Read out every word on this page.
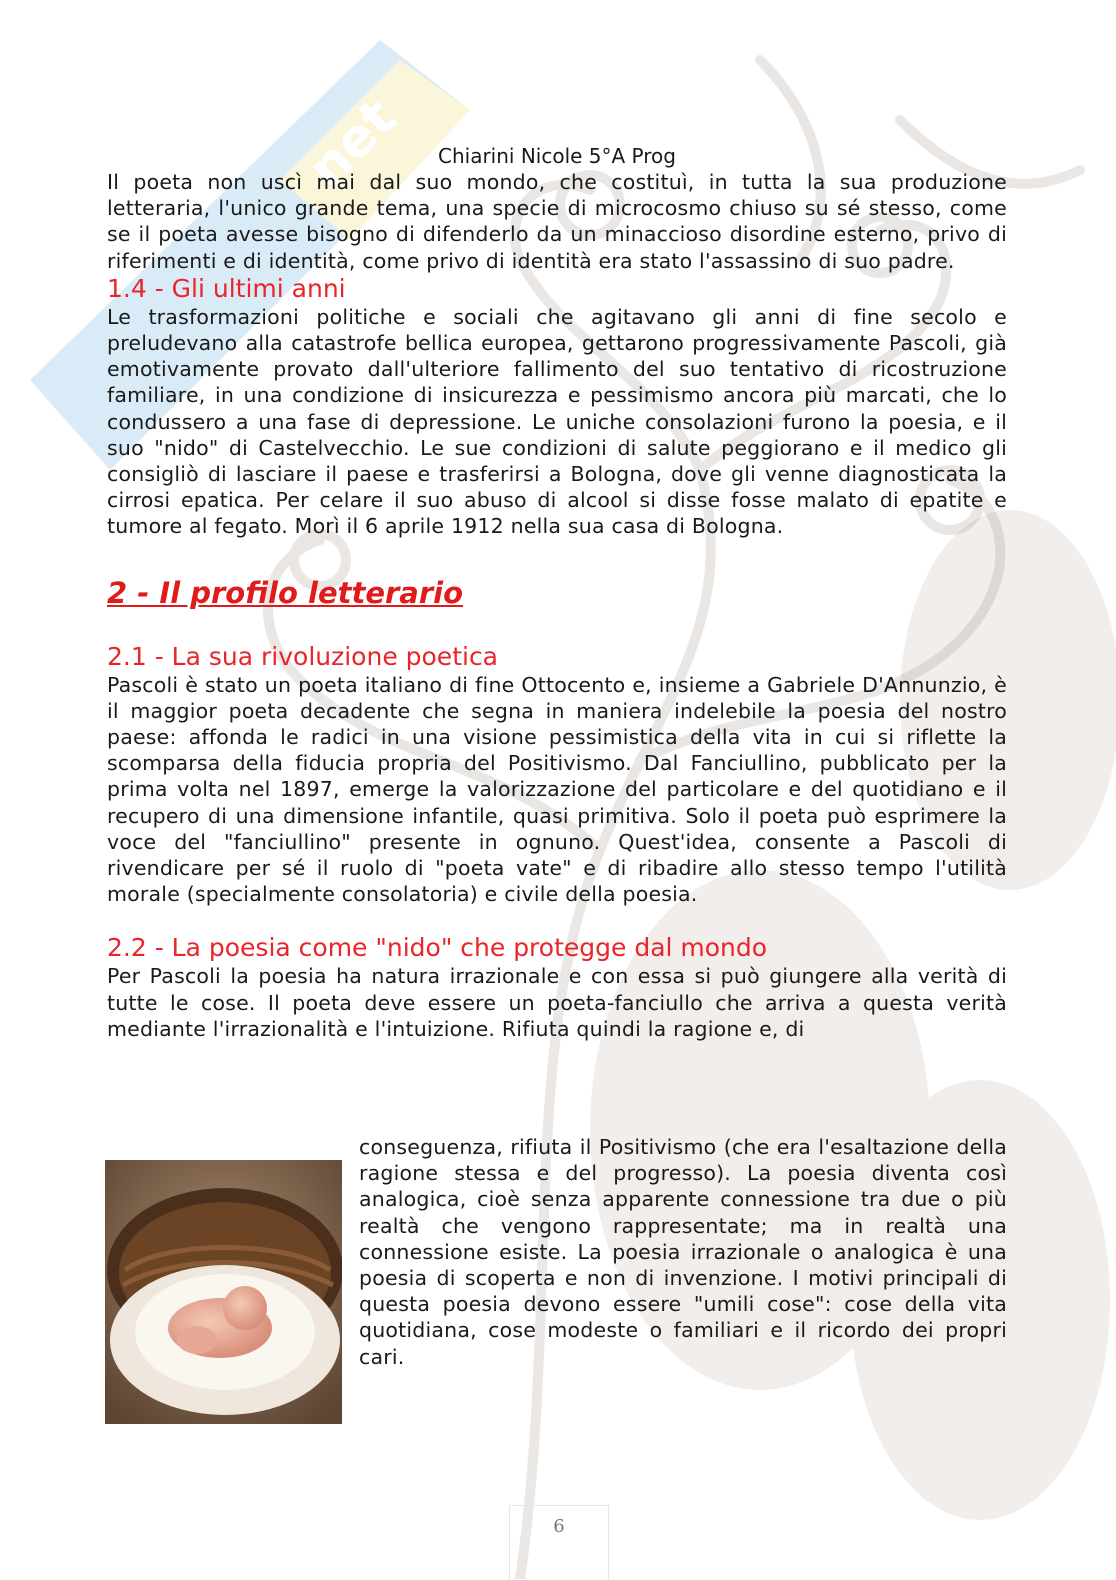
net	Chiarini Nicole 5°A Prog

Il poeta non uscì mai dal suo mondo, che costituì, in tutta la sua produzione letteraria, l'unico grande tema, una specie di microcosmo chiuso su sé stesso, come se il poeta avesse bisogno di difenderlo da un minaccioso disordine esterno, privo di riferimenti e di identità, come privo di identità era stato l'assassino di suo padre.

1.4 - Gli ultimi anni

Le trasformazioni politiche e sociali che agitavano gli anni di fine secolo e preludevano alla catastrofe bellica europea, gettarono progressivamente Pascoli, già emotivamente provato dall'ulteriore fallimento del suo tentativo di ricostruzione familiare, in una condizione di insicurezza e pessimismo ancora più marcati, che lo condussero a una fase di depressione. Le uniche consolazioni furono la poesia, e il suo "nido" di Castelvecchio. Le sue condizioni di salute peggiorano e il medico gli consigliò di lasciare il paese e trasferirsi a Bologna, dove gli venne diagnosticata la cirrosi epatica. Per celare il suo abuso di alcool si disse fosse malato di epatite e tumore al fegato. Morì il 6 aprile 1912 nella sua casa di Bologna.

2 - Il profilo letterario
2.1 - La sua rivoluzione poetica

Pascoli è stato un poeta italiano di fine Ottocento e, insieme a Gabriele D'Annunzio, è il maggior poeta decadente che segna in maniera indelebile la poesia del nostro paese: affonda le radici in una visione pessimistica della vita in cui si riflette la scomparsa della fiducia propria del Positivismo. Dal Fanciullino, pubblicato per la prima volta nel 1897, emerge la valorizzazione del particolare e del quotidiano e il recupero di una dimensione infantile, quasi primitiva. Solo il poeta può esprimere la voce del "fanciullino" presente in ognuno. Quest'idea, consente a Pascoli di rivendicare per sé il ruolo di "poeta vate" e di ribadire allo stesso tempo l'utilità morale (specialmente consolatoria) e civile della poesia.

2.2 - La poesia come "nido" che protegge dal mondo

Per Pascoli la poesia ha natura irrazionale e con essa si può giungere alla verità di tutte le cose. Il poeta deve essere un poeta-fanciullo che arriva a questa verità mediante l'irrazionalità e l'intuizione. Rifiuta quindi la ragione e, di

conseguenza, rifiuta il Positivismo (che era l'esaltazione della ragione stessa e del progresso). La poesia diventa così analogica, cioè senza apparente connessione tra due o più realtà che vengono rappresentate; ma in realtà una connessione esiste. La poesia irrazionale o analogica è una poesia di scoperta e non di invenzione. I motivi principali di questa poesia devono essere "umili cose": cose della vita quotidiana, cose modeste o familiari e il ricordo dei propri cari.

6
